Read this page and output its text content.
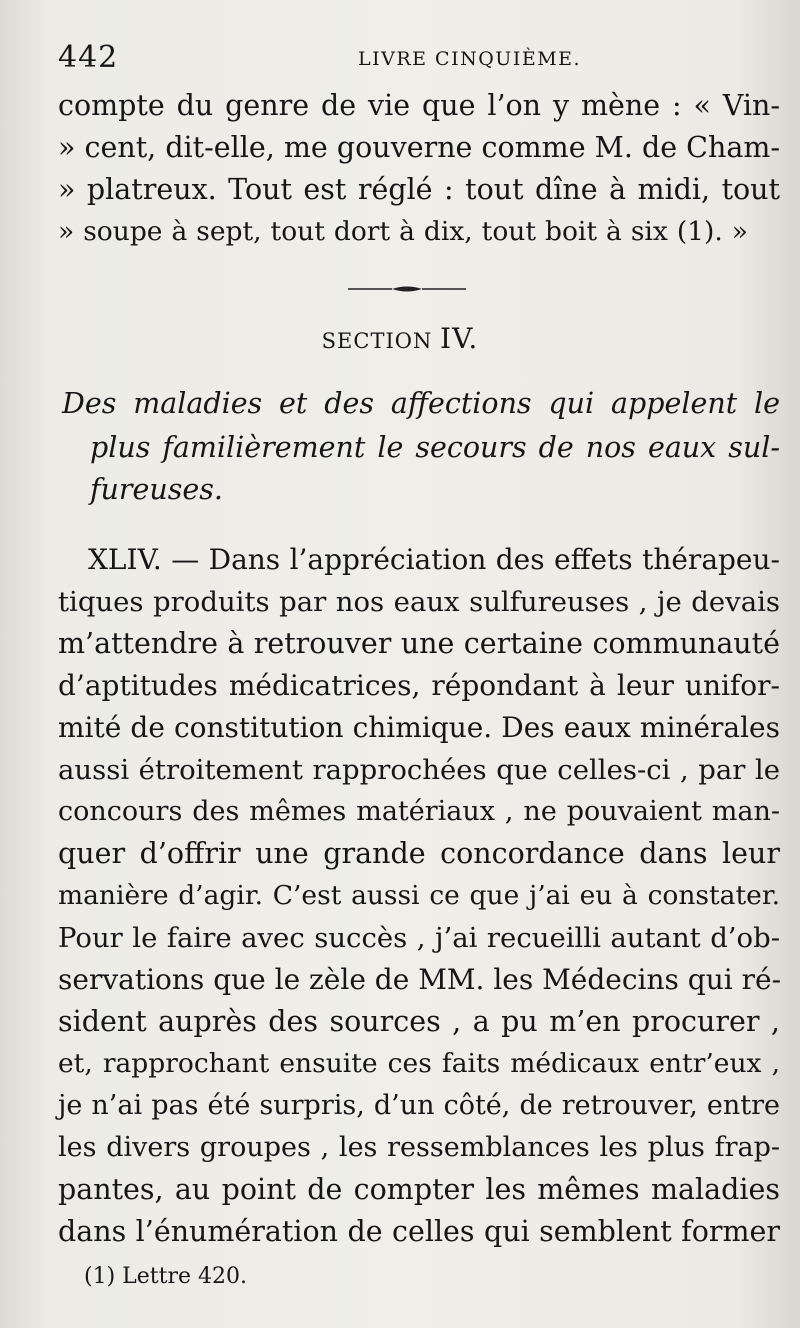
442	LIVRE CINQUIÈME.
compte du genre de vie que l’on y mène : « Vin-
» cent, dit-elle, me gouverne comme M. de Cham-
» platreux. Tout est réglé : tout dîne à midi, tout
» soupe à sept, tout dort à dix, tout boit à six (1). »
SECTION IV.
Des maladies et des affections qui appelent le
plus familièrement le secours de nos eaux sul-
fureuses.
XLIV. — Dans l’appréciation des effets thérapeu-
tiques produits par nos eaux sulfureuses , je devais
m’attendre à retrouver une certaine communauté
d’aptitudes médicatrices, répondant à leur unifor-
mité de constitution chimique. Des eaux minérales
aussi étroitement rapprochées que celles-ci , par le
concours des mêmes matériaux , ne pouvaient man-
quer d’offrir une grande concordance dans leur
manière d’agir. C’est aussi ce que j’ai eu à constater.
Pour le faire avec succès , j’ai recueilli autant d’ob-
servations que le zèle de MM. les Médecins qui ré-
sident auprès des sources , a pu m’en procurer ,
et, rapprochant ensuite ces faits médicaux entr’eux ,
je n’ai pas été surpris, d’un côté, de retrouver, entre
les divers groupes , les ressemblances les plus frap-
pantes, au point de compter les mêmes maladies
dans l’énumération de celles qui semblent former
(1) Lettre 420.
